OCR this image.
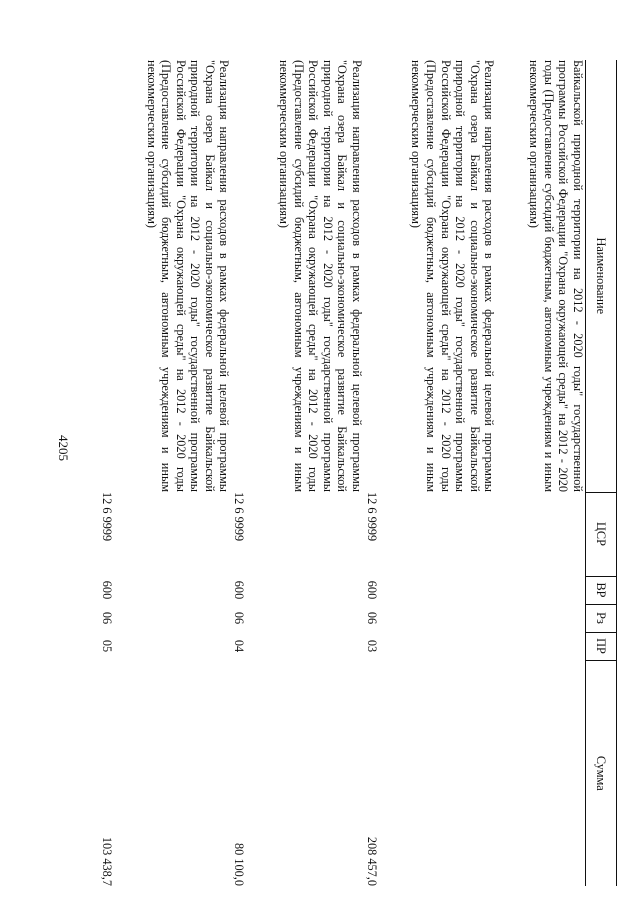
4205
Наименование	ЦСР	ВР	Рз	ПР	Сумма
Байкальской природной территории на 2012 - 2020 годы" государственной программы Российской Федерации "Охрана окружающей среды" на 2012 - 2020 годы (Предоставление субсидий бюджетным, автономным учреждениям и иным некоммерческим организациям)					
Реализация направления расходов в рамках федеральной целевой программы "Охрана озера Байкал и социально-экономическое развитие Байкальской природной территории на 2012 - 2020 годы" государственной программы Российской Федерации "Охрана окружающей среды" на 2012 - 2020 годы (Предоставление субсидий бюджетным, автономным учреждениям и иным некоммерческим организациям)	12 6 9999	600	06	03	208 457,0
Реализация направления расходов в рамках федеральной целевой программы "Охрана озера Байкал и социально-экономическое развитие Байкальской природной территории на 2012 - 2020 годы" государственной программы Российской Федерации "Охрана окружающей среды" на 2012 - 2020 годы (Предоставление субсидий бюджетным, автономным учреждениям и иным некоммерческим организациям)	12 6 9999	600	06	04	80 100,0
Реализация направления расходов в рамках федеральной целевой программы "Охрана озера Байкал и социально-экономическое развитие Байкальской природной территории на 2012 - 2020 годы" государственной программы Российской Федерации "Охрана окружающей среды" на 2012 - 2020 годы (Предоставление субсидий бюджетным, автономным учреждениям и иным некоммерческим организациям)	12 6 9999	600	06	05	103 438,7
